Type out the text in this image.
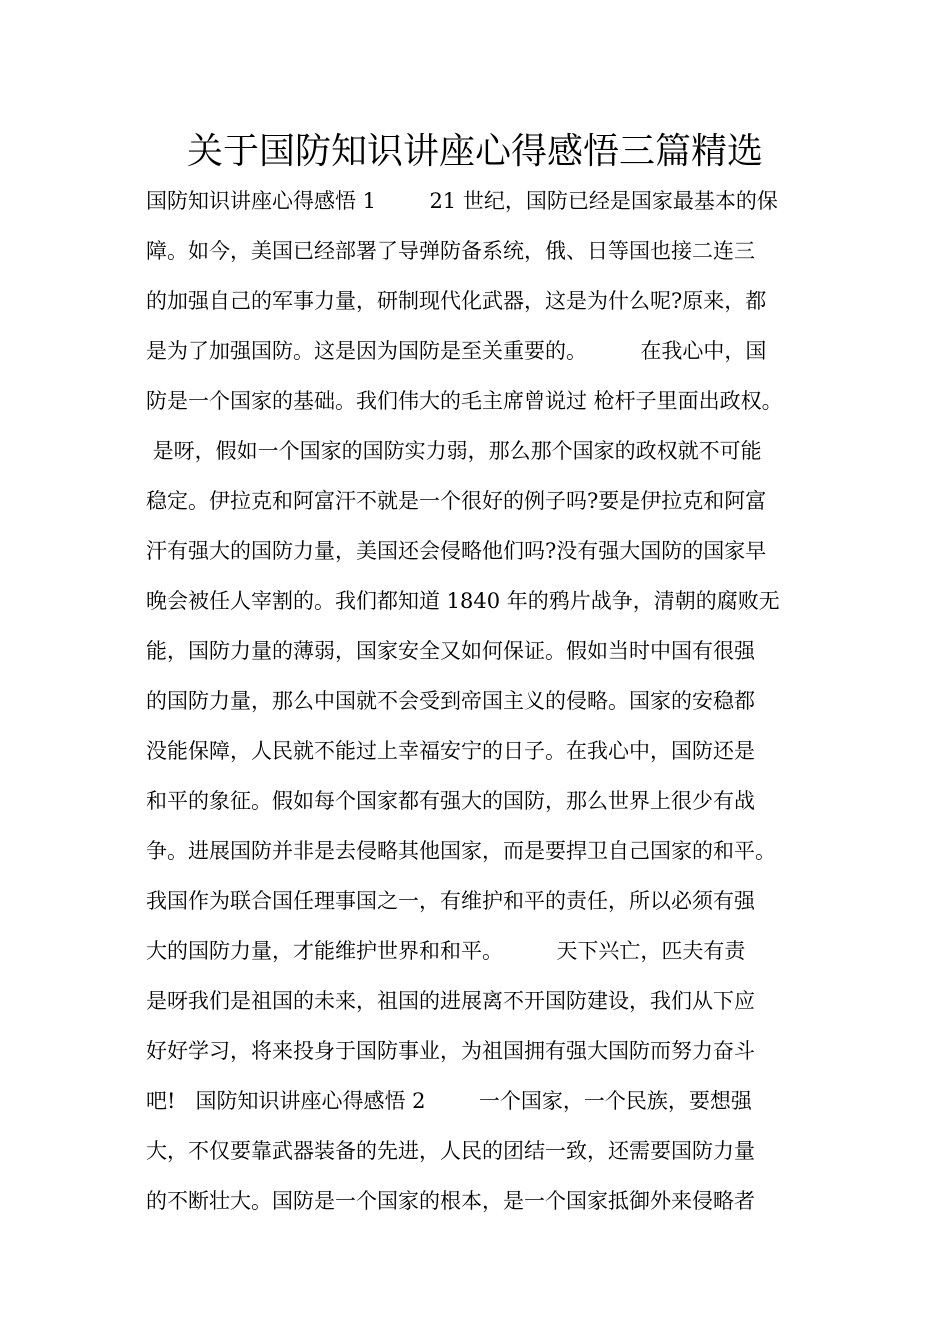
关于国防知识讲座心得感悟三篇精选
国防知识讲座心得感悟 1        21 世纪，国防已经是国家最基本的保
障。如今，美国已经部署了导弹防备系统，俄、日等国也接二连三
的加强自己的军事力量，研制现代化武器，这是为什么呢?原来，都
是为了加强国防。这是因为国防是至关重要的。        在我心中，国
防是一个国家的基础。我们伟大的毛主席曾说过 枪杆子里面出政权。
是呀，假如一个国家的国防实力弱，那么那个国家的政权就不可能
稳定。伊拉克和阿富汗不就是一个很好的例子吗?要是伊拉克和阿富
汗有强大的国防力量，美国还会侵略他们吗?没有强大国防的国家早
晚会被任人宰割的。我们都知道 1840 年的鸦片战争，清朝的腐败无
能，国防力量的薄弱，国家安全又如何保证。假如当时中国有很强
的国防力量，那么中国就不会受到帝国主义的侵略。国家的安稳都
没能保障，人民就不能过上幸福安宁的日子。在我心中，国防还是
和平的象征。假如每个国家都有强大的国防，那么世界上很少有战
争。进展国防并非是去侵略其他国家，而是要捍卫自己国家的和平。
我国作为联合国任理事国之一，有维护和平的责任，所以必须有强
大的国防力量，才能维护世界和和平。        天下兴亡，匹夫有责
是呀我们是祖国的未来，祖国的进展离不开国防建设，我们从下应
好好学习，将来投身于国防事业，为祖国拥有强大国防而努力奋斗
吧!   国防知识讲座心得感悟 2        一个国家，一个民族，要想强
大，不仅要靠武器装备的先进，人民的团结一致，还需要国防力量
的不断壮大。国防是一个国家的根本，是一个国家抵御外来侵略者
